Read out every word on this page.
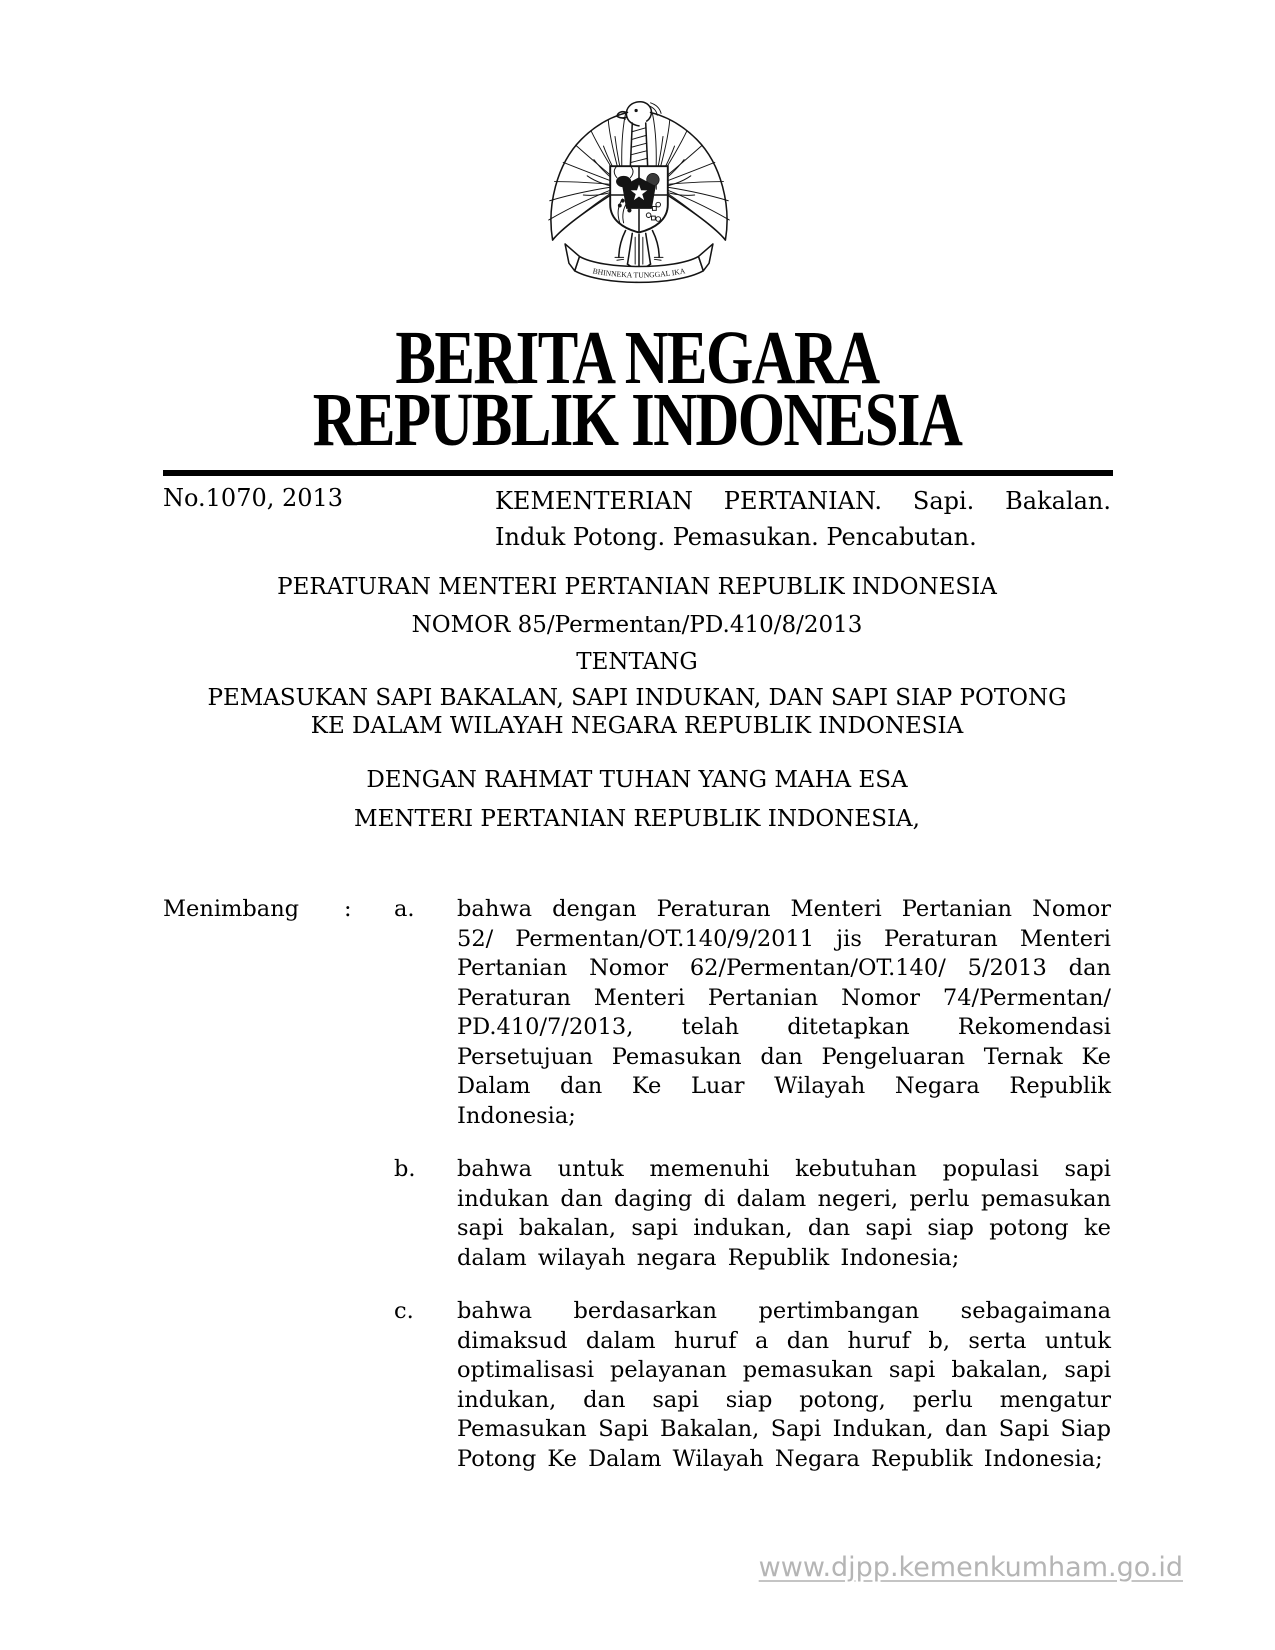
BHINNEKA TUNGGAL IKA
BERITA NEGARA
REPUBLIK INDONESIA
No.1070, 2013	KEMENTERIAN PERTANIAN. Sapi. Bakalan. Induk Potong. Pemasukan. Pencabutan.
PERATURAN MENTERI PERTANIAN REPUBLIK INDONESIA
NOMOR 85/Permentan/PD.410/8/2013
TENTANG
PEMASUKAN SAPI BAKALAN, SAPI INDUKAN, DAN SAPI SIAP POTONG
KE DALAM WILAYAH NEGARA REPUBLIK INDONESIA
DENGAN RAHMAT TUHAN YANG MAHA ESA
MENTERI PERTANIAN REPUBLIK INDONESIA,
Menimbang	:	a.	bahwa dengan Peraturan Menteri Pertanian Nomor 52/ Permentan/OT.140/9/2011 jis Peraturan Menteri Pertanian Nomor 62/Permentan/OT.140/ 5/2013 dan Peraturan Menteri Pertanian Nomor 74/Permentan/ PD.410/7/2013, telah ditetapkan Rekomendasi Persetujuan Pemasukan dan Pengeluaran Ternak Ke Dalam dan Ke Luar Wilayah Negara Republik Indonesia;
b.	bahwa untuk memenuhi kebutuhan populasi sapi indukan dan daging di dalam negeri, perlu pemasukan sapi bakalan, sapi indukan, dan sapi siap potong ke dalam wilayah negara Republik Indonesia;
c.	bahwa berdasarkan pertimbangan sebagaimana dimaksud dalam huruf a dan huruf b, serta untuk optimalisasi pelayanan pemasukan sapi bakalan, sapi indukan, dan sapi siap potong, perlu mengatur Pemasukan Sapi Bakalan, Sapi Indukan, dan Sapi Siap Potong Ke Dalam Wilayah Negara Republik Indonesia;
www.djpp.kemenkumham.go.id
